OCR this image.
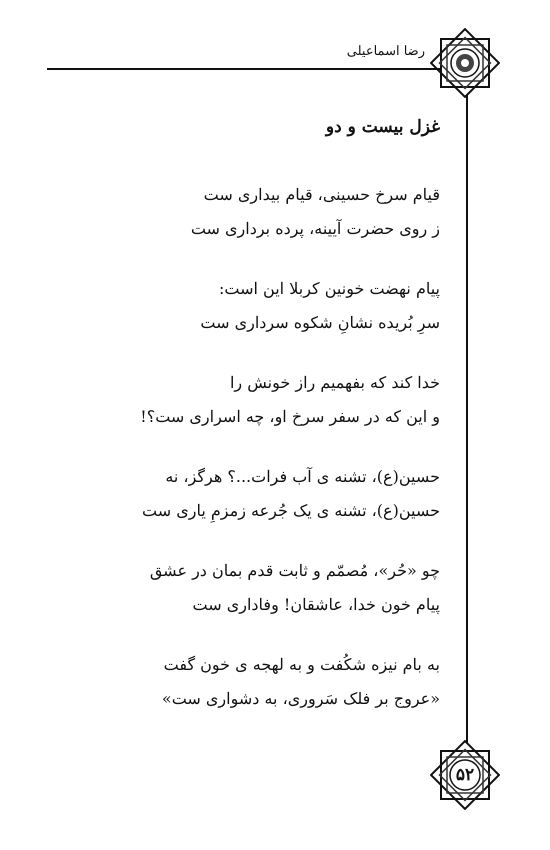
رضا اسماعیلی
غزل بیست و دو
قیام سرخ حسینی، قیام بیداری ست
ز روی حضرت آیینه، پرده برداری ست
پیام نهضت خونین کربلا این است:
سرِ بُریده نشانِ شکوه سرداری ست
خدا کند که بفهمیم راز خونش را
و این که در سفر سرخ او، چه اسراری ست؟!
حسین(ع)، تشنه ی آب فرات...؟ هرگز، نه
حسین(ع)، تشنه ی یک جُرعه زمزمِ یاری ست
چو «حُر»، مُصمّم و ثابت قدم بمان در عشق
پیام خون خدا، عاشقان! وفاداری ست
به بام نیزه شکُفت و به لهجه ی خون گفت
«عروج بر فلک سَروری، به دشواری ست»
۵۲
